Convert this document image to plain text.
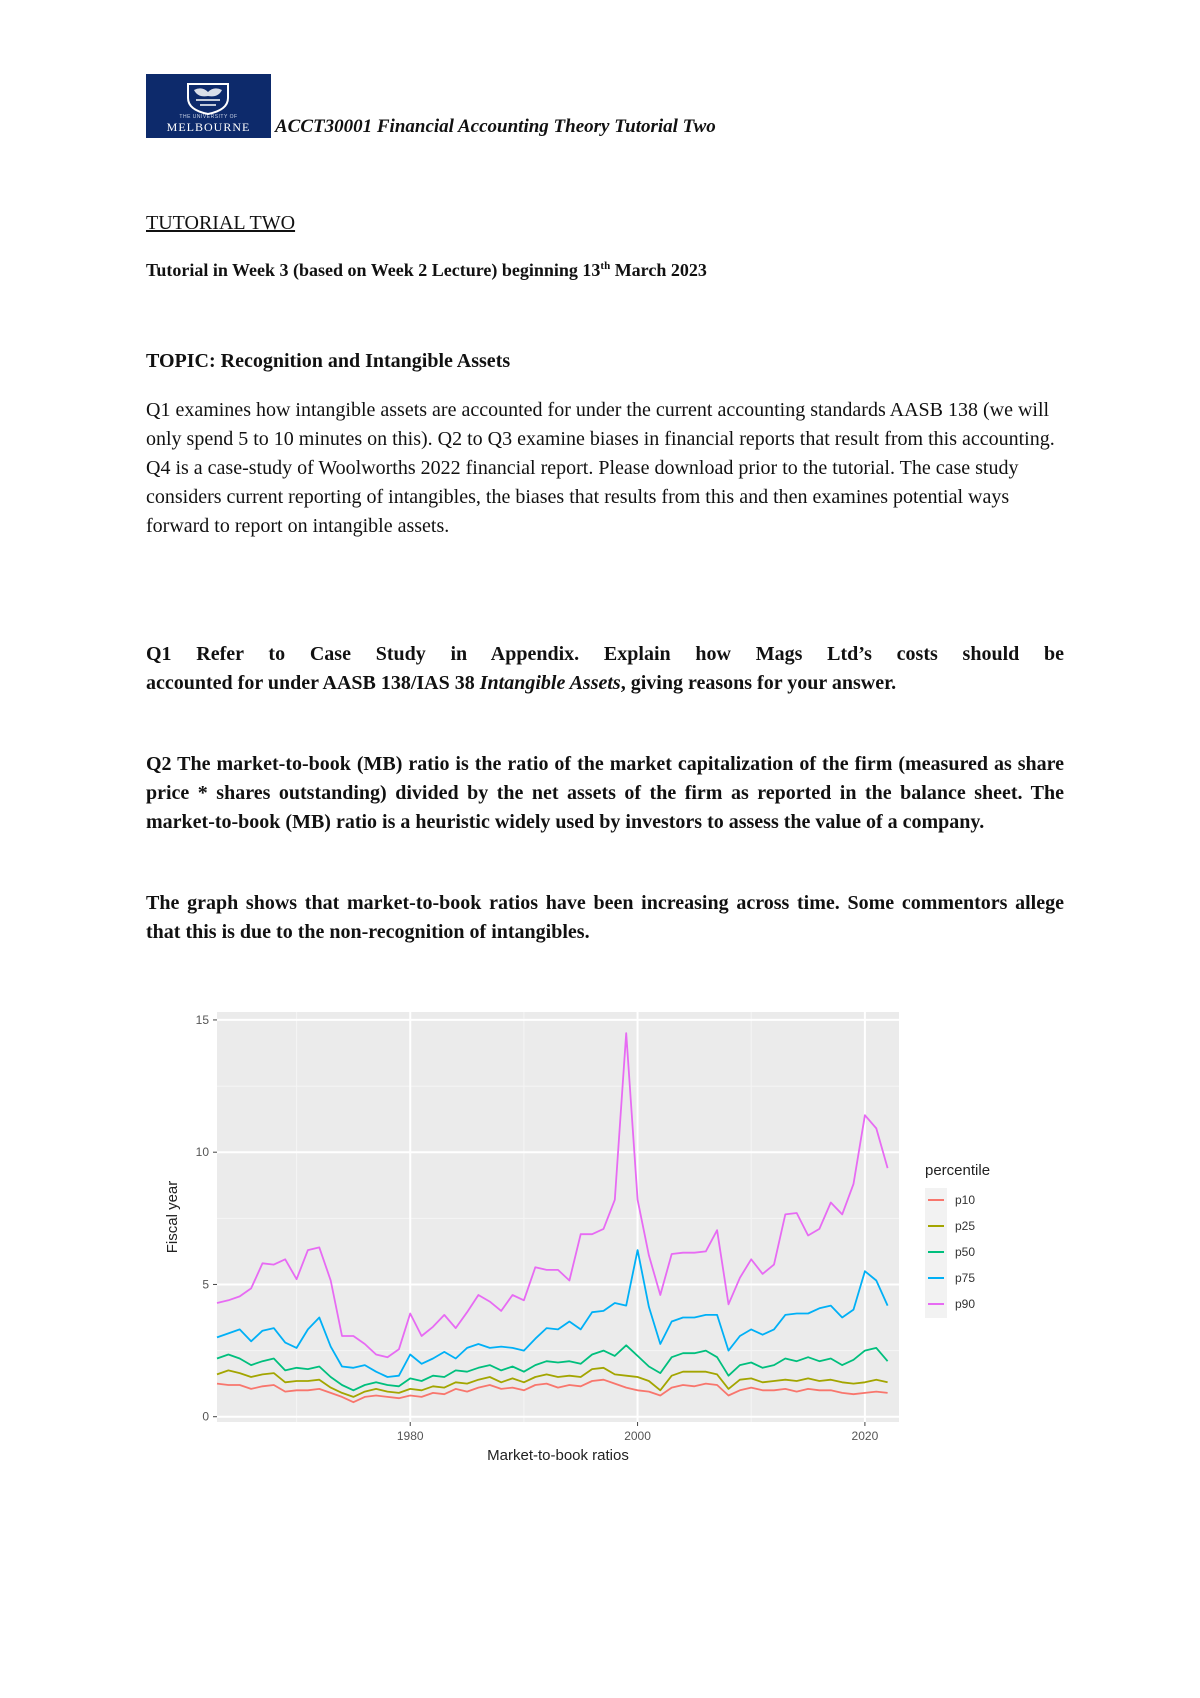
THE UNIVERSITY OF
MELBOURNE ACCT30001 Financial Accounting Theory Tutorial Two
TUTORIAL TWO
Tutorial in Week 3 (based on Week 2 Lecture) beginning 13th March 2023
TOPIC: Recognition and Intangible Assets
Q1 examines how intangible assets are accounted for under the current accounting standards AASB 138 (we will only spend 5 to 10 minutes on this). Q2 to Q3 examine biases in financial reports that result from this accounting. Q4 is a case-study of Woolworths 2022 financial report. Please download prior to the tutorial. The case study considers current reporting of intangibles, the biases that results from this and then examines potential ways forward to report on intangible assets.
Q1 Refer to Case Study in Appendix. Explain how Mags Ltd’s costs should be
accounted for under AASB 138/IAS 38 Intangible Assets, giving reasons for your answer.
Q2 The market-to-book (MB) ratio is the ratio of the market capitalization of the firm (measured as share price * shares outstanding) divided by the net assets of the firm as reported in the balance sheet. The market-to-book (MB) ratio is a heuristic widely used by investors to assess the value of a company.
The graph shows that market-to-book ratios have been increasing across time. Some commentors allege that this is due to the non-recognition of intangibles.
0
5
10
15
1980	2000	2020
Market-to-book ratios
Fiscal year
percentile
p10
p25
p50
p75
p90
